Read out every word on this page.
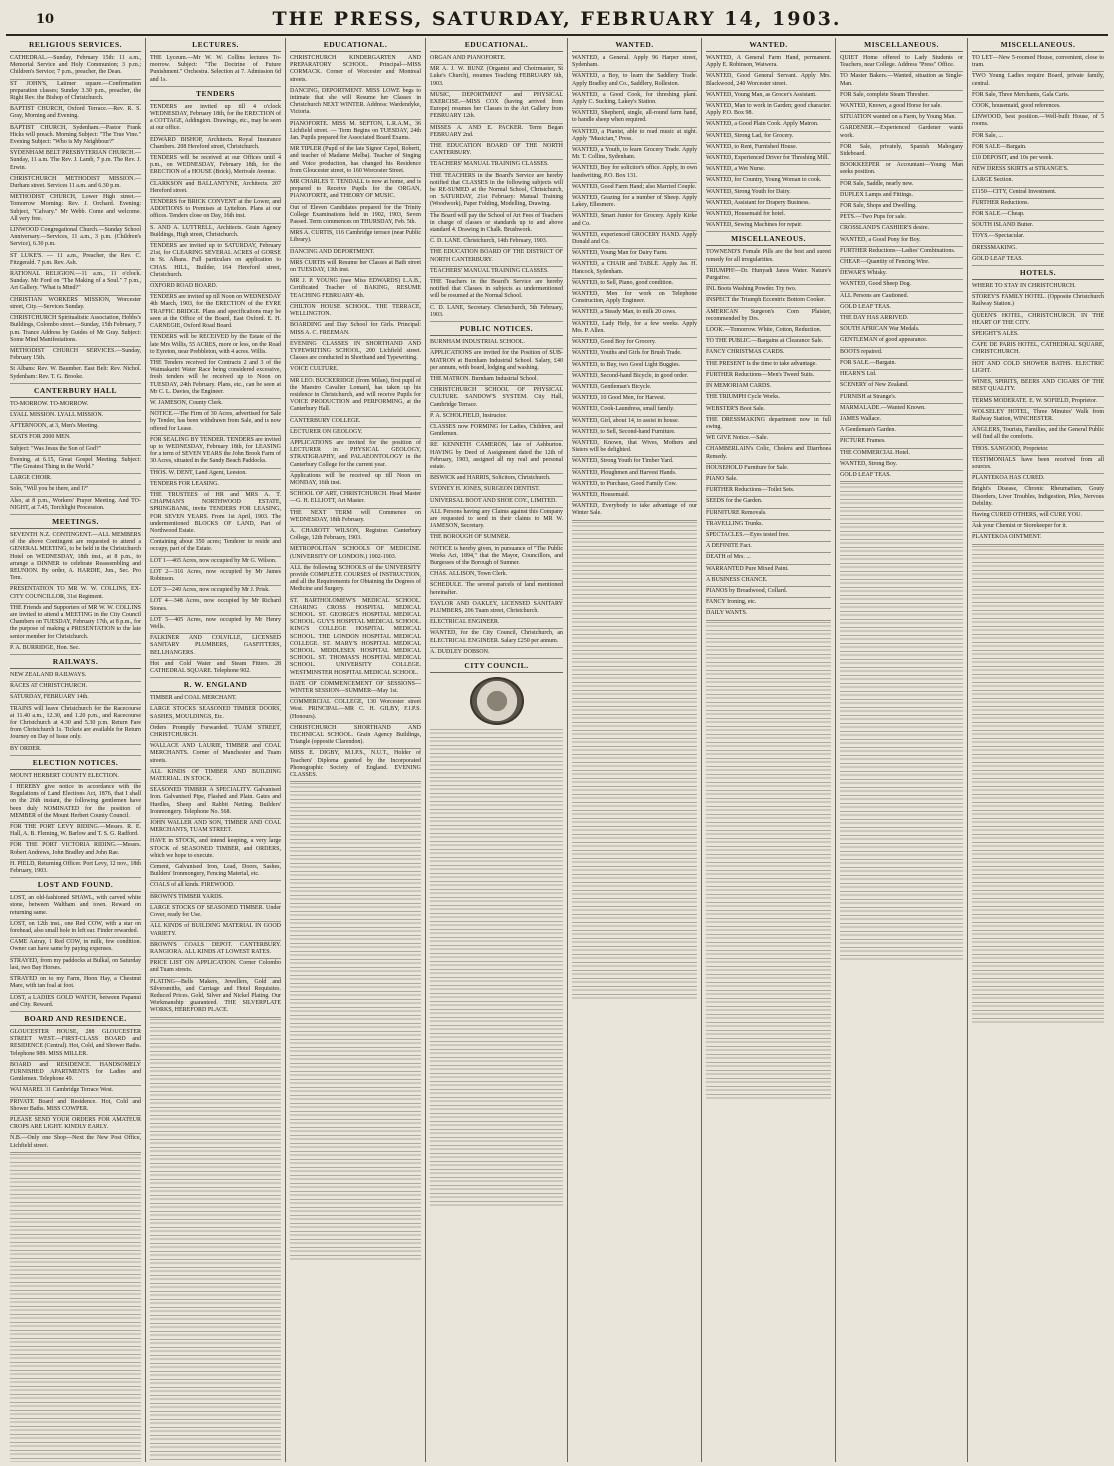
10	THE PRESS, SATURDAY, FEBRUARY 14, 1903.
RELIGIOUS SERVICES.
CATHEDRAL.—Sunday, February 15th: 11 a.m., Memorial Service and Holy Communion; 3 p.m.; Children's Service; 7 p.m., preacher, the Dean.
ST JOHN'S, Latimer square.—Confirmation preparation classes; Sunday 3.30 p.m., preacher, the Right Rev. the Bishop of Christchurch.
BAPTIST CHURCH, Oxford Terrace.—Rev. R. S. Gray, Morning and Evening.
BAPTIST CHURCH, Sydenham.—Pastor Frank Hicks will preach. Morning Subject: "The True Vine." Evening Subject: "Who is My Neighbour?"
SYDENHAM BELT PRESBYTERIAN CHURCH.—Sunday, 11 a.m. The Rev. J. Lamb, 7 p.m. The Rev. J. Erwin.
CHRISTCHURCH METHODIST MISSION.—Durham street. Services 11 a.m. and 6.30 p.m.
METHODIST CHURCH, Lower High street.—Tomorrow Morning: Rev. J. Orchard. Evening: Subject, "Calvary." Mr Webb. Come and welcome. All very free.
LINWOOD Congregational Church.—Sunday School Anniversary.—Services, 11 a.m., 3 p.m. (Children's Service), 6.30 p.m.
ST LUKE'S. — 11 a.m., Preacher, the Rev. C. Fitzgerald. 7 p.m. Rev. Ash.
RATIONAL RELIGION.—11 a.m., 11 o'clock. Sunday. Mr Ford on "The Making of a Soul." 7 p.m., Art Gallery. "What is Mind?"
CHRISTIAN WORKERS MISSION, Worcester street, City.—Services Sunday.
CHRISTCHURCH Spiritualistic Association, Hobbs's Buildings, Colombo street.—Sunday, 15th February, 7 p.m. Trance Address by Guides of Mr Gray. Subject: Some Mind Manifestations.
METHODIST CHURCH SERVICES.—Sunday, February 15th.
St Albans: Rev. W. Baumber. East Belt: Rev. Nichol. Sydenham: Rev. T. G. Brooke.
CANTERBURY HALL
TO-MORROW. TO-MORROW.
LYALL MISSION. LYALL MISSION.
AFTERNOON, at 3, Men's Meeting.
SEATS FOR 2000 MEN.
Subject: "Was Jesus the Son of God?"
Evening, at 6.15, Great Gospel Meeting. Subject: "The Greatest Thing in the World."
LARGE CHOIR.
Solo, "Will you be there, and I?"
Also, at 8 p.m., Workers' Prayer Meeting. And TO-NIGHT, at 7.45, Torchlight Procession.
MEETINGS.
SEVENTH N.Z. CONTINGENT.—ALL MEMBERS of the above Contingent are requested to attend a GENERAL MEETING, to be held in the Christchurch Hotel on WEDNESDAY, 18th inst., at 8 p.m., to arrange a DINNER to celebrate Reassembling and REUNION. By order, A. HARDIE, Jun., Sec. Pro Tem.
PRESENTATION TO MR W. W. COLLINS, EX-CITY COUNCILLOR, 31st Regiment.
THE Friends and Supporters of MR W. W. COLLINS are invited to attend a MEETING in the City Council Chambers on TUESDAY, February 17th, at 8 p.m., for the purpose of making a PRESENTATION to the late senior member for Christchurch.
P. A. BURRIDGE, Hon. Sec.
RAILWAYS.
NEW ZEALAND RAILWAYS.
RACES AT CHRISTCHURCH.
SATURDAY, FEBRUARY 14th.
TRAINS will leave Christchurch for the Racecourse at 11.40 a.m., 12.30, and 1.20 p.m., and Racecourse for Christchurch at 4.30 and 5.30 p.m. Return Fare from Christchurch 1s. Tickets are available for Return Journey on Day of Issue only.
BY ORDER.
ELECTION NOTICES.
MOUNT HERBERT COUNTY ELECTION.
I HEREBY give notice in accordance with the Regulations of Land Elections Act, 1876, that I shall on the 26th instant, the following gentlemen have been duly NOMINATED for the position of MEMBER of the Mount Herbert County Council.
FOR THE PORT LEVY RIDING.—Messrs. R. E. Hall, A. B. Fleming, W. Barlow and T. S. G. Radford.
FOR THE PORT VICTORIA RIDING.—Messrs. Robert Andrews, John Bradley and John Rae.
H. PIELD, Returning Officer. Port Levy, 12 nov., 18th February, 1903.
LOST AND FOUND.
LOST, an old-fashioned SHAWL, with carved white stone, between Waltham and town. Reward on returning same.
LOST, on 12th inst., one Red COW, with a star on forehead, also small hole in left ear. Finder rewarded.
CAME Astray, 1 Red COW, in milk, few condition. Owner can have same by paying expenses.
STRAYED, from my paddocks at Bulkal, on Saturday last, two Bay Horses.
STRAYED on to my Farm, Hoon Hay, a Chestnut Mare, with tan foal at foot.
LOST, a LADIES GOLD WATCH, between Papanui and City. Reward.
BOARD AND RESIDENCE.
GLOUCESTER HOUSE, 288 GLOUCESTER STREET WEST.—FIRST-CLASS BOARD and RESIDENCE (Central). Hot, Cold, and Shower Baths. Telephone 989. MISS MILLER.
BOARD and RESIDENCE. HANDSOMELY FURNISHED APARTMENTS for Ladies and Gentlemen. Telephone 49.
WAI MAREI. 31 Cambridge Terrace West.
PRIVATE Board and Residence. Hot, Cold and Shower Baths. MISS COWPER.
PLEASE SEND YOUR ORDERS FOR AMATEUR CROPS ARE LIGHT. KINDLY EARLY.
N.B.—Only one Shop—Next the New Post Office, Lichfield street.
LECTURES.
THE Lyceum.—Mr W. W. Collins lectures To-morrow. Subject: "The Doctrine of Future Punishment." Orchestra. Selection at 7. Admission 6d and 1s.
TENDERS
TENDERS are invited up till 4 o'clock WEDNESDAY, February 18th, for the ERECTION of a COTTAGE, Addington. Drawings, etc., may be seen at our office.
EDWARD BISHOP, Architects. Royal Insurance Chambers. 208 Hereford street, Christchurch.
TENDERS will be received at our Offices until 4 p.m., on WEDNESDAY, February 18th, for the ERECTION of a HOUSE (Brick), Merivale Avenue.
CLARKSON and BALLANTYNE, Architects. 207 Hereford street.
TENDERS for BRICK CONVENT at the Lower, and ADDITIONS to Premises at Lyttelton. Plans at our offices. Tenders close on Day, 16th inst.
S. AND A. LUTTRELL, Architects. Grain Agency Buildings, High street, Christchurch.
TENDERS are invited up to SATURDAY, February 21st, for CLEARING SEVERAL ACRES of GORSE in St. Albans. Full particulars on application to CHAS. HILL, Builder, 164 Hereford street, Christchurch.
OXFORD ROAD BOARD.
TENDERS are invited up till Noon on WEDNESDAY 4th March, 1903, for the ERECTION of the EYRE TRAFFIC BRIDGE. Plans and specifications may be seen at the Office of the Board, East Oxford. E. H. CARNEGIE, Oxford Road Board.
TENDERS will be RECEIVED by the Estate of the late Mrs Willis, 55 ACRES, more or less, on the Road to Eyreton, near Prebbleton, with 4 acres. Willis.
THE Tenders received for Contracts 2 and 3 of the Waimakariri Water Race being considered excessive, fresh tenders will be received up to Noon on TUESDAY, 24th February. Plans, etc., can be seen at Mr C. L. Davies, the Engineer.
W. JAMESON, County Clerk.
NOTICE.—The Firm of 30 Acres, advertised for Sale by Tender, has been withdrawn from Sale, and is now offered for Lease.
FOR SEALING BY TENDER. TENDERS are invited up to WEDNESDAY, February 18th, for LEASING for a term of SEVEN YEARS the John Brook Farm of 30 Acres, situated in the Sandy Beach Paddocks.
THOS. W. DENT, Land Agent, Leeston.
TENDERS FOR LEASING.
THE TRUSTEES of HR and MRS A. T. CHAPMAN'S NORTHWOOD ESTATE, SPRINGBANK, invite TENDERS FOR LEASING, FOR SEVEN YEARS. From 1st April, 1903. The undermentioned BLOCKS OF LAND, Part of Northwood Estate.
Containing about 350 acres; Tenderer to reside and occupy, part of the Estate.
LOT 1—465 Acres, now occupied by Mr G. Wilson.
LOT 2—316 Acres, now occupied by Mr James Robinson.
LOT 3—249 Acres, now occupied by Mr J. Prisk.
LOT 4—348 Acres, now occupied by Mr Richard Stones.
LOT 5—405 Acres, now occupied by Mr Henry Wells.
FALKINER AND COLVILLE, LICENSED SANITARY PLUMBERS, GASFITTERS, BELLHANGERS.
Hot and Cold Water and Steam Fitters. 28 CATHEDRAL SQUARE. Telephone 902.
R. W. ENGLAND
TIMBER and COAL MERCHANT.
LARGE STOCKS SEASONED TIMBER DOORS, SASHES, MOULDINGS, Etc.
Orders Promptly Forwarded. TUAM STREET, CHRISTCHURCH.
WALLACE AND LAURIE, TIMBER and COAL MERCHANTS. Corner of Manchester and Tuam streets.
ALL KINDS OF TIMBER AND BUILDING MATERIAL. IN STOCK.
SEASONED TIMBER A SPECIALITY. Galvanised Iron. Galvanised Pipe, Flashed and Plain. Gates and Hurdles, Sheep and Rabbit Netting. Builders' Ironmongery. Telephone No. 568.
JOHN WALLER AND SON, TIMBER AND COAL MERCHANTS, TUAM STREET.
HAVE in STOCK, and intend keeping, a very large STOCK of SEASONED TIMBER, and ORDERS, which we hope to execute.
Cement, Galvanised Iron, Lead, Doors, Sashes, Builders' Ironmongery, Fencing Material, etc.
COALS of all kinds. FIREWOOD.
BROWN'S TIMBER YARDS.
LARGE STOCKS OF SEASONED TIMBER. Under Cover, ready for Use.
ALL KINDS of BUILDING MATERIAL IN GOOD VARIETY.
BROWN'S COALS DEPOT. CANTERBURY. RANGIORA. ALL KINDS AT LOWEST RATES.
PRICE LIST ON APPLICATION. Corner Colombo and Tuam streets.
PLATING—Bells Makers, Jewellers, Gold and Silversmiths, and Carriage and Hotel Requisites. Reduced Prices. Gold, Silver and Nickel Plating. Our Workmanship guaranteed. THE SILVERPLATE WORKS, HEREFORD PLACE.
EDUCATIONAL.
CHRISTCHURCH KINDERGARTEN AND PREPARATORY SCHOOL. Principal—MISS CORMACK. Corner of Worcester and Montreal streets.
DANCING, DEPORTMENT. MISS LOWE begs to intimate that she will Resume her Classes in Christchurch NEXT WINTER. Address: Wardendyke, Victoria.
PIANOFORTE. MISS M. SEFTON, L.R.A.M., 36 Lichfield street. — Term Begins on TUESDAY, 24th Jan. Pupils prepared for Associated Board Exams.
MR TIPLER (Pupil of the late Signor Cepol, Roberti, and teacher of Madame Melba). Teacher of Singing and Voice production, has changed his Residence from Gloucester street, to 160 Worcester Street.
MR CHARLES T. TENDALL is now at home, and is prepared to Receive Pupils for the ORGAN, PIANOFORTE, and THEORY OF MUSIC.
Out of Eleven Candidates prepared for the Trinity College Examinations held in 1902, 1903, Seven Passed. Term commences on THURSDAY, Feb. 5th.
MRS A. CURTIS, 116 Cambridge terrace (near Public Library).
DANCING AND DEPORTMENT.
MRS CURTIS will Resume her Classes at Bath street on TUESDAY, 13th inst.
MR J. P. YOUNG (nee Miss EDWARDS) L.A.B., Certificated Teacher of BAKING, RESUME TEACHING FEBRUARY 4th.
CHILTON HOUSE SCHOOL. THE TERRACE, WELLINGTON.
BOARDING and Day School for Girls. Principal: MISS A. C. FREEMAN.
EVENING CLASSES IN SHORTHAND AND TYPEWRITING SCHOOL, 200 Lichfield street. Classes are conducted in Shorthand and Typewriting.
VOICE CULTURE.
MR LEO. BUCKERIDGE (from Milan), first pupil of the Maestro Cavalier Lomard, has taken up his residence in Christchurch, and will receive Pupils for VOICE PRODUCTION and PERFORMING, at the Canterbury Hall.
CANTERBURY COLLEGE.
LECTURER ON GEOLOGY.
APPLICATIONS are invited for the position of LECTURER in PHYSICAL GEOLOGY, STRATIGRAPHY, and PALAEONTOLOGY in the Canterbury College for the current year.
Applications will be received up till Noon on MONDAY, 16th inst.
SCHOOL OF ART, CHRISTCHURCH. Head Master—G. H. ELLIOTT, Art Master.
THE NEXT TERM will Commence on WEDNESDAY, 18th February.
A. CHAROTT WILSON, Registrar. Canterbury College, 12th February, 1903.
METROPOLITAN SCHOOLS OF MEDICINE. (UNIVERSITY OF LONDON.) 1902-1903.
ALL the following SCHOOLS of the UNIVERSITY provide COMPLETE COURSES of INSTRUCTION, and all the Requirements for Obtaining the Degrees of Medicine and Surgery.
ST. BARTHOLOMEW'S MEDICAL SCHOOL. CHARING CROSS HOSPITAL MEDICAL SCHOOL. ST. GEORGE'S HOSPITAL MEDICAL SCHOOL. GUY'S HOSPITAL MEDICAL SCHOOL. KING'S COLLEGE HOSPITAL MEDICAL SCHOOL. THE LONDON HOSPITAL MEDICAL COLLEGE. ST. MARY'S HOSPITAL MEDICAL SCHOOL. MIDDLESEX HOSPITAL MEDICAL SCHOOL. ST. THOMAS'S HOSPITAL MEDICAL SCHOOL. UNIVERSITY COLLEGE. WESTMINSTER HOSPITAL MEDICAL SCHOOL.
DATE OF COMMENCEMENT OF SESSIONS—WINTER SESSION—SUMMER—May 1st.
COMMERCIAL COLLEGE, 130 Worcester street West. PRINCIPAL—MR C. H. GILBY, F.I.P.S. (Honours).
CHRISTCHURCH SHORTHAND AND TECHNICAL SCHOOL. Grain Agency Buildings, Triangle (opposite Clarendon).
MISS E. DIGBY, M.I.P.S., N.U.T., Holder of Teachers' Diploma granted by the Incorporated Phonographic Society of England. EVENING CLASSES.
EDUCATIONAL.
ORGAN AND PIANOFORTE.
MR A. J. W. BUNZ (Organist and Choirmaster, St Luke's Church), resumes Teaching FEBRUARY 6th, 1903.
MUSIC, DEPORTMENT and PHYSICAL EXERCISE.—MISS COX (having arrived from Europe) resumes her Classes in the Art Gallery from FEBRUARY 12th.
MISSES A. AND E. PACKER. Term Began FEBRUARY 2nd.
THE EDUCATION BOARD OF THE NORTH CANTERBURY.
TEACHERS' MANUAL TRAINING CLASSES.
THE TEACHERS in the Board's Service are hereby notified that CLASSES in the following subjects will be RE-SUMED at the Normal School, Christchurch, on SATURDAY, 21st February: Manual Training (Woodwork), Paper Folding, Modelling, Drawing.
The Board will pay the School of Art Fees of Teachers in charge of classes or standards up to and above standard 4. Drawing in Chalk. Brushwork.
C. D. LANE. Christchurch, 14th February, 1903.
THE EDUCATION BOARD OF THE DISTRICT OF NORTH CANTERBURY.
TEACHERS' MANUAL TRAINING CLASSES.
THE Teachers in the Board's Service are hereby notified that Classes in subjects as undermentioned will be resumed at the Normal School.
C. D. LANE, Secretary. Christchurch, 5th February, 1903.
PUBLIC NOTICES.
BURNHAM INDUSTRIAL SCHOOL.
APPLICATIONS are invited for the Position of SUB-MATRON at Burnham Industrial School. Salary, £40 per annum, with board, lodging and washing.
THE MATRON. Burnham Industrial School.
CHRISTCHURCH SCHOOL OF PHYSICAL CULTURE. SANDOW'S SYSTEM. City Hall, Cambridge Terrace.
P. A. SCHOLFIELD, Instructor.
CLASSES now FORMING for Ladies, Children, and Gentlemen.
RE KENNETH CAMERON, late of Ashburton. HAVING by Deed of Assignment dated the 12th of February, 1903, assigned all my real and personal estate.
BISWICK and HARRIS, Solicitors, Christchurch.
SYDNEY H. JONES, SURGEON DENTIST.
UNIVERSAL BOOT AND SHOE COY., LIMITED.
ALL Persons having any Claims against this Company are requested to send in their claims to MR W. JAMESON, Secretary.
THE BOROUGH OF SUMNER.
NOTICE is hereby given, in pursuance of "The Public Works Act, 1894," that the Mayor, Councillors, and Burgesses of the Borough of Sumner.
CHAS. ALLISON, Town Clerk.
SCHEDULE. The several parcels of land mentioned hereinafter.
TAYLOR AND OAKLEY, LICENSED SANITARY PLUMBERS, 206 Tuam street, Christchurch.
ELECTRICAL ENGINEER.
WANTED, for the City Council, Christchurch, an ELECTRICAL ENGINEER. Salary £250 per annum.
A. DUDLEY DOBSON.
CITY COUNCIL.
WANTED.
WANTED, a General. Apply 96 Harper street, Sydenham.
WANTED, a Boy, to learn the Saddlery Trade. Apply Bradley and Co., Saddlery, Rolleston.
WANTED, a Good Cook, for threshing plant. Apply C. Sucking, Lakey's Station.
WANTED, Shepherd, single, all-round farm hand, to handle sheep when required.
WANTED, a Pianist, able to read music at sight. Apply "Musician," Press.
WANTED, a Youth, to learn Grocery Trade. Apply Mr. T. Collins, Sydenham.
WANTED, Boy for solicitor's office. Apply, in own handwriting, P.O. Box 131.
WANTED, Good Farm Hand; also Married Couple.
WANTED, Grazing for a number of Sheep. Apply Lakey, Ellesmere.
WANTED, Smart Junior for Grocery. Apply Kirke and Co.
WANTED, experienced GROCERY HAND. Apply Donald and Co.
WANTED, Young Man for Dairy Farm.
WANTED, a CHAIR and TABLE. Apply Jas. H. Hancock, Sydenham.
WANTED, to Sell, Piano, good condition.
WANTED, Men for work on Telephone Construction, Apply Engineer.
WANTED, a Steady Man, to milk 20 cows.
WANTED, Lady Help, for a few weeks. Apply Mrs. P. Allen.
WANTED, Good Boy for Grocery.
WANTED, Youths and Girls for Brush Trade.
WANTED, to Buy, two Good Light Buggies.
WANTED, Second-hand Bicycle, in good order.
WANTED, Gentleman's Bicycle.
WANTED, 10 Good Men, for Harvest.
WANTED, Cook-Laundress, small family.
WANTED, Girl, about 14, to assist in house.
WANTED, to Sell, Second-hand Furniture.
WANTED, Known, that Wives, Mothers and Sisters will be delighted.
WANTED, Strong Youth for Timber Yard.
WANTED, Ploughmen and Harvest Hands.
WANTED, to Purchase, Good Family Cow.
WANTED, Housemaid.
WANTED, Everybody to take advantage of our Winter Sale.
WANTED.
WANTED, A General Farm Hand, permanent. Apply E. Robinson, Waiwera.
WANTED, Good General Servant. Apply Mrs. Blackwood, 240 Worcester street.
WANTED, Young Man, as Grocer's Assistant.
WANTED, Man to work in Garden; good character. Apply P.O. Box 98.
WANTED, a Good Plain Cook. Apply Matron.
WANTED, Strong Lad, for Grocery.
WANTED, to Rent, Furnished House.
WANTED, Experienced Driver for Threshing Mill.
WANTED, a Wet Nurse.
WANTED, for Country, Young Woman to cook.
WANTED, Strong Youth for Dairy.
WANTED, Assistant for Drapery Business.
WANTED, Housemaid for hotel.
WANTED, Sewing Machines for repair.
MISCELLANEOUS.
TOWNEND'S Female Pills are the best and surest remedy for all irregularities.
TRIUMPH!—Dr. Hunyadi Janos Water. Nature's Purgative.
INL Boots Washing Powder. Try two.
INSPECT the Triumph Eccentric Bottom Cooker.
AMERICAN Surgeon's Corn Plaister, recommended by Drs.
LOOK.—Tomorrow. White, Cotton, Reduction.
TO THE PUBLIC.—Bargains at Clearance Sale.
FANCY CHRISTMAS CARDS.
THE PRESENT Is the time to take advantage.
FURTHER Reductions—Men's Tweed Suits.
IN MEMORIAM CARDS.
THE TRIUMPH Cycle Works.
WEBSTER'S Boot Sale.
THE DRESSMAKING department now in full swing.
WE GIVE Notice.—Sale.
CHAMBERLAIN's Colic, Cholera and Diarrhoea Remedy.
HOUSEHOLD Furniture for Sale.
PIANO Sale.
FURTHER Reductions—Toilet Sets.
SEEDS for the Garden.
FURNITURE Removals.
TRAVELLING Trunks.
SPECTACLES.—Eyes tested free.
A DEFINITE Fact.
DEATH of Mrs. ...
WARRANTED Pure Mixed Paint.
A BUSINESS CHANCE.
PIANOS by Broadwood, Collard.
FANCY Ironing, etc.
DAILY WANTS.
MISCELLANEOUS.
QUIET Home offered to Lady Students or Teachers, near College. Address "Press" Office.
TO Master Bakers.—Wanted, situation as Single-Man.
FOR Sale, complete Steam Thresher.
WANTED, Known, a good Horse for sale.
SITUATION wanted on a Farm, by Young Man.
GARDENER.—Experienced Gardener wants work.
FOR Sale, privately, Spanish Mahogany Sideboard.
BOOKKEEPER or Accountant—Young Man seeks position.
FOR Sale, Saddle, nearly new.
DUPLEX Lamps and Fittings.
FOR Sale, Shops and Dwelling.
PETS.—Two Pups for sale.
CROSSLAND'S CASHIER'S desire.
WANTED, a Good Pony for Boy.
FURTHER Reductions—Ladies' Combinations.
CHEAP.—Quantity of Fencing Wire.
DEWAR'S Whisky.
WANTED, Good Sheep Dog.
ALL Persons are Cautioned.
GOLD LEAF TEAS.
THE DAY HAS ARRIVED.
SOUTH AFRICAN War Medals.
GENTLEMAN of good appearance.
BOOTS repaired.
FOR SALE.—Bargain.
HEARN'S Ltd.
SCENERY of New Zealand.
FURNISH at Strange's.
MARMALADE.—Wanted Known.
JAMES Wallace.
A Gentleman's Garden.
PICTURE Frames.
THE COMMERCIAL Hotel.
WANTED, Strong Boy.
GOLD LEAF TEAS.
MISCELLANEOUS.
TO LET—New 5-roomed House, convenient, close to tram.
TWO Young Ladies require Board, private family, central.
FOR Sale, Three Merchants, Gala Carts.
COOK, housemaid, good references.
LINWOOD, best position.—Well-built House, of 5 rooms.
FOR Sale, ...
FOR SALE—Bargain.
£10 DEPOSIT, and 10s per week.
NEW DRESS SKIRTS at STRANGE'S.
LARGE Section.
£1150—CITY, Central Investment.
FURTHER Reductions.
FOR SALE.—Cheap.
SOUTH ISLAND Butter.
TOYS.—Spectacular.
DRESSMAKING.
GOLD LEAF TEAS.
HOTELS.
WHERE TO STAY IN CHRISTCHURCH.
STOREY'S FAMILY HOTEL. (Opposite Christchurch Railway Station.)
QUEEN'S HOTEL, CHRISTCHURCH. IN THE HEART OF THE CITY.
SPEIGHT'S ALES.
CAFE DE PARIS HOTEL, CATHEDRAL SQUARE, CHRISTCHURCH.
HOT AND COLD SHOWER BATHS. ELECTRIC LIGHT.
WINES, SPIRITS, BEERS AND CIGARS OF THE BEST QUALITY.
TERMS MODERATE. E. W. SOFIELD, Proprietor.
WOLSELEY HOTEL, Three Minutes' Walk from Railway Station, WINCHESTER.
ANGLERS, Tourists, Families, and the General Public will find all the comforts.
THOS. SANGOOD, Proprietor.
TESTIMONIALS have been received from all sources.
PLANTEKOA HAS CURED.
Bright's Disease, Chronic Rheumatism, Gouty Disorders, Liver Troubles, Indigestion, Piles, Nervous Debility.
Having CURED OTHERS, will CURE YOU.
Ask your Chemist or Storekeeper for it.
PLANTEKOA OINTMENT.
